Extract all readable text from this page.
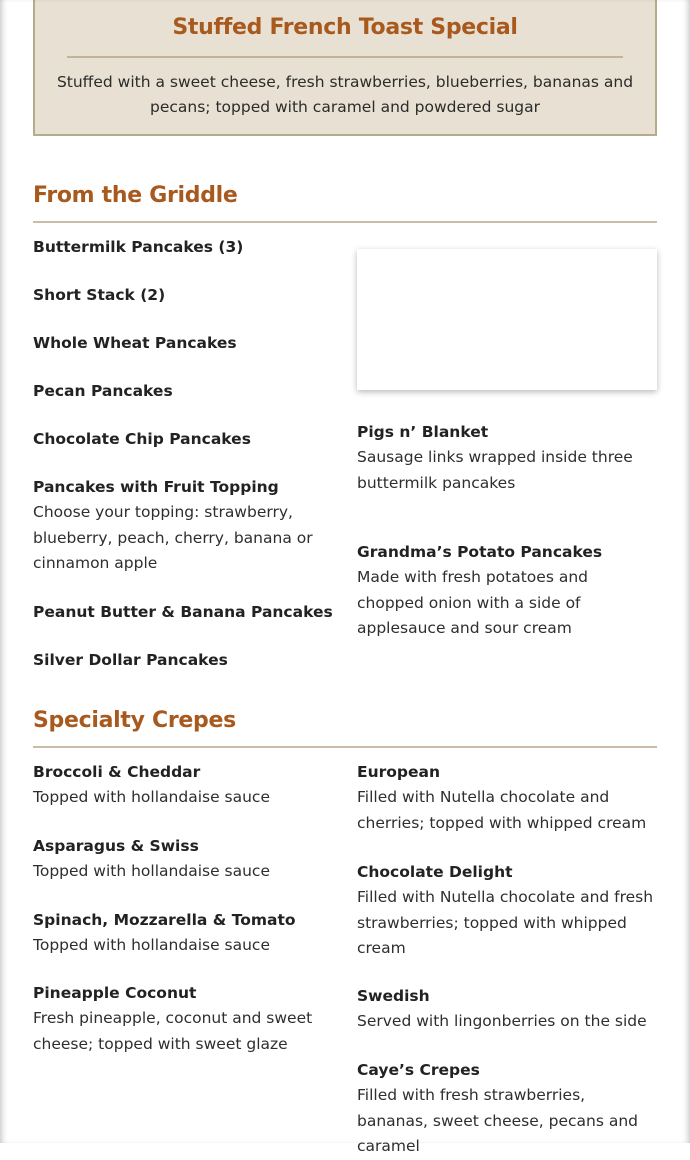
Stuffed French Toast Special
Stuffed with a sweet cheese, fresh strawberries, blueberries, bananas and pecans; topped with caramel and powdered sugar
From the Griddle
Buttermilk Pancakes (3)
Short Stack (2)
Whole Wheat Pancakes
Pecan Pancakes
Chocolate Chip Pancakes
Pancakes with Fruit Topping
Choose your topping: strawberry, blueberry, peach, cherry, banana or cinnamon apple
Peanut Butter & Banana Pancakes
Silver Dollar Pancakes
Pigs n’ Blanket
Sausage links wrapped inside three buttermilk pancakes
Grandma’s Potato Pancakes
Made with fresh potatoes and chopped onion with a side of applesauce and sour cream
Specialty Crepes
Broccoli & Cheddar
Topped with hollandaise sauce
Asparagus & Swiss
Topped with hollandaise sauce
Spinach, Mozzarella & Tomato
Topped with hollandaise sauce
Pineapple Coconut
Fresh pineapple, coconut and sweet cheese; topped with sweet glaze
European
Filled with Nutella chocolate and cherries; topped with whipped cream
Chocolate Delight
Filled with Nutella chocolate and fresh strawberries; topped with whipped cream
Swedish
Served with lingonberries on the side
Caye’s Crepes
Filled with fresh strawberries, bananas, sweet cheese, pecans and caramel
